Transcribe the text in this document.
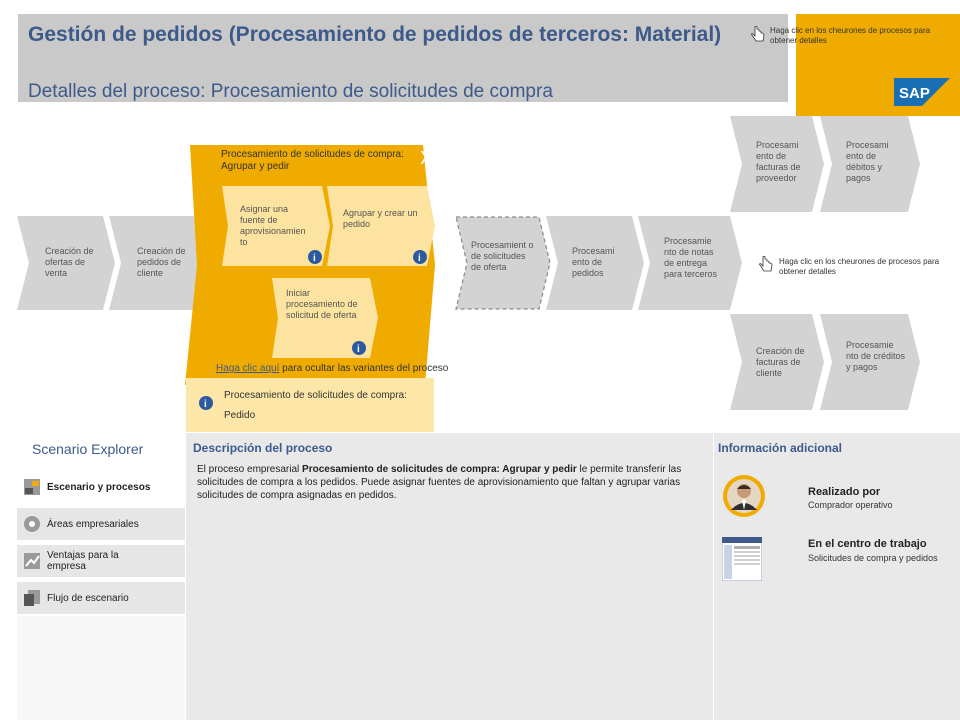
Gestión de pedidos (Procesamiento de pedidos de terceros: Material)
Detalles del proceso: Procesamiento de solicitudes de compra
Haga clic en los cheurones de procesos para obtener detalles
SAP
Creación de ofertas de venta
Creación de pedidos de cliente
Procesamiento de solicitudes de compra: Agrupar y pedir	X
Asignar una fuente de aprovisionamien to
i
Agrupar y crear un pedido
i
Iniciar procesamiento de solicitud de oferta
i
i
Procesamiento de solicitudes de compra: Pedido
Haga clic aquí para ocultar las variantes del proceso
Procesamient o de solicitudes de oferta
Procesami ento de pedidos
Procesamie nto de notas de entrega para terceros
Procesami ento de facturas de proveedor
Procesami ento de débitos y pagos
Haga clic en los cheurones de procesos para obtener detalles
Creación de facturas de cliente
Procesamie nto de créditos y pagos
Scenario Explorer
Escenario y procesos
Áreas empresariales
Ventajas para la empresa
Flujo de escenario
Descripción del proceso
El proceso empresarial Procesamiento de solicitudes de compra: Agrupar y pedir le permite transferir las solicitudes de compra a los pedidos. Puede asignar fuentes de aprovisionamiento que faltan y agrupar varias solicitudes de compra asignadas en pedidos.
Información adicional
Realizado por
Comprador operativo
En el centro de trabajo
Solicitudes de compra y pedidos
